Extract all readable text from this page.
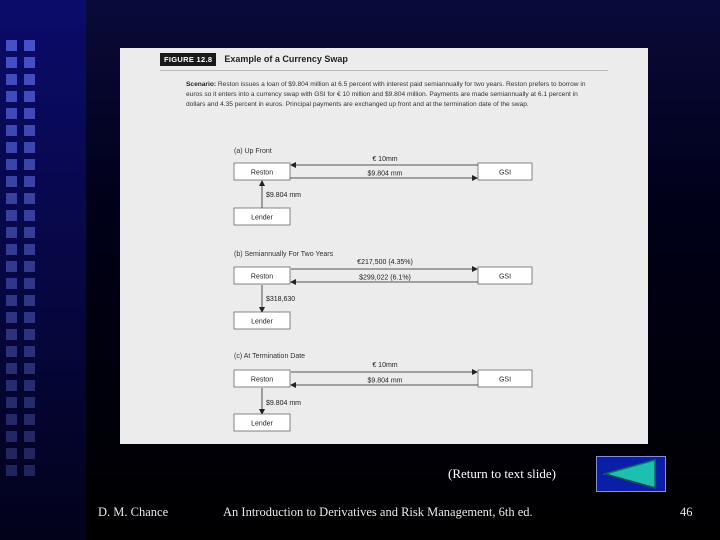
FIGURE 12.8	Example of a Currency Swap
Scenario: Reston issues a loan of $9.804 million at 6.5 percent with interest paid semiannually for two years. Reston prefers to borrow in euros so it enters into a currency swap with GSI for € 10 million and $9.804 million. Payments are made semiannually at 6.1 percent in dollars and 4.35 percent in euros. Principal payments are exchanged up front and at the termination date of the swap.
(a) Up Front
Reston	GSI
€ 10mm
$9.804 mm
$9.804 mm
Lender
(b) Semiannually For Two Years
Reston	GSI
€217,500 (4.35%)
$299,022 (6.1%)
$318,630
Lender
(c) At Termination Date
Reston	GSI
€ 10mm
$9.804 mm
$9.804 mm
Lender
(Return to text slide)
D. M. Chance	An Introduction to Derivatives and Risk Management, 6th ed.	46
